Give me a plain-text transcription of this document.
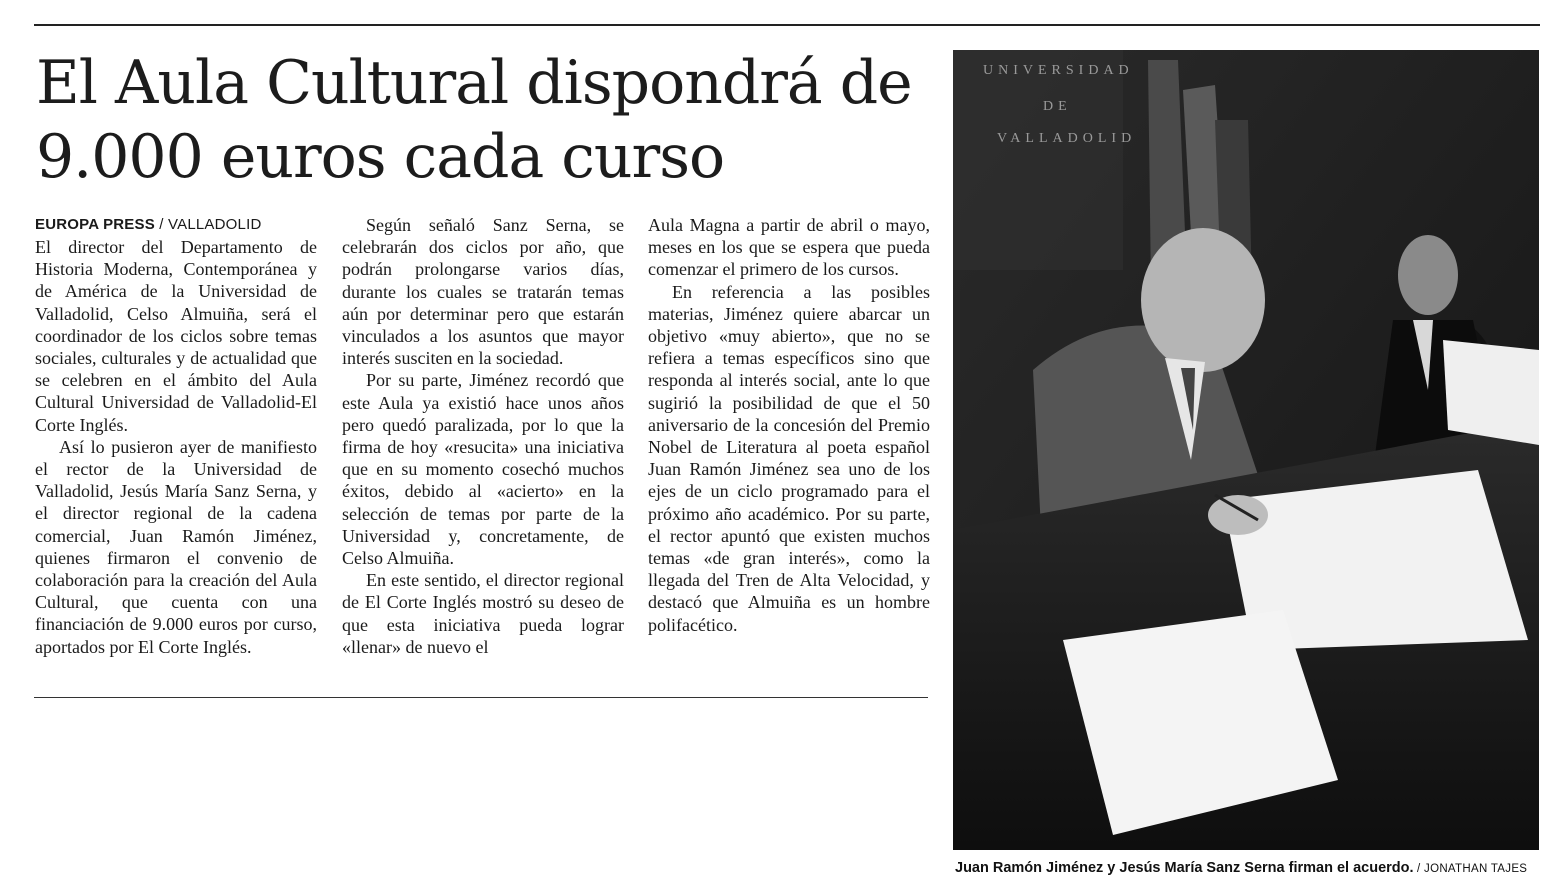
El Aula Cultural dispondrá de
9.000 euros cada curso
EUROPA PRESS / VALLADOLID

El director del Departamento de Historia Moderna, Contemporánea y de América de la Universidad de Valladolid, Celso Almuiña, será el coordinador de los ciclos sobre temas sociales, culturales y de actualidad que se celebren en el ámbito del Aula Cultural Universidad de Valladolid-El Corte Inglés.

Así lo pusieron ayer de manifiesto el rector de la Universidad de Valladolid, Jesús María Sanz Serna, y el director regional de la cadena comercial, Juan Ramón Jiménez, quienes firmaron el convenio de colaboración para la creación del Aula Cultural, que cuenta con una financiación de 9.000 euros por curso, aportados por El Corte Inglés.

Según señaló Sanz Serna, se celebrarán dos ciclos por año, que podrán prolongarse varios días, durante los cuales se tratarán temas aún por determinar pero que estarán vinculados a los asuntos que mayor interés susciten en la sociedad.

Por su parte, Jiménez recordó que este Aula ya existió hace unos años pero quedó paralizada, por lo que la firma de hoy «resucita» una iniciativa que en su momento cosechó muchos éxitos, debido al «acierto» en la selección de temas por parte de la Universidad y, concretamente, de Celso Almuiña.

En este sentido, el director regional de El Corte Inglés mostró su deseo de que esta iniciativa pueda lograr «llenar» de nuevo el

Aula Magna a partir de abril o mayo, meses en los que se espera que pueda comenzar el primero de los cursos.

En referencia a las posibles materias, Jiménez quiere abarcar un objetivo «muy abierto», que no se refiera a temas específicos sino que responda al interés social, ante lo que sugirió la posibilidad de que el 50 aniversario de la concesión del Premio Nobel de Literatura al poeta español Juan Ramón Jiménez sea uno de los ejes de un ciclo programado para el próximo año académico. Por su parte, el rector apuntó que existen muchos temas «de gran interés», como la llegada del Tren de Alta Velocidad, y destacó que Almuiña es un hombre polifacético.

UNIVERSIDAD
DE
VALLADOLID
Juan Ramón Jiménez y Jesús María Sanz Serna firman el acuerdo. / JONATHAN TAJES
